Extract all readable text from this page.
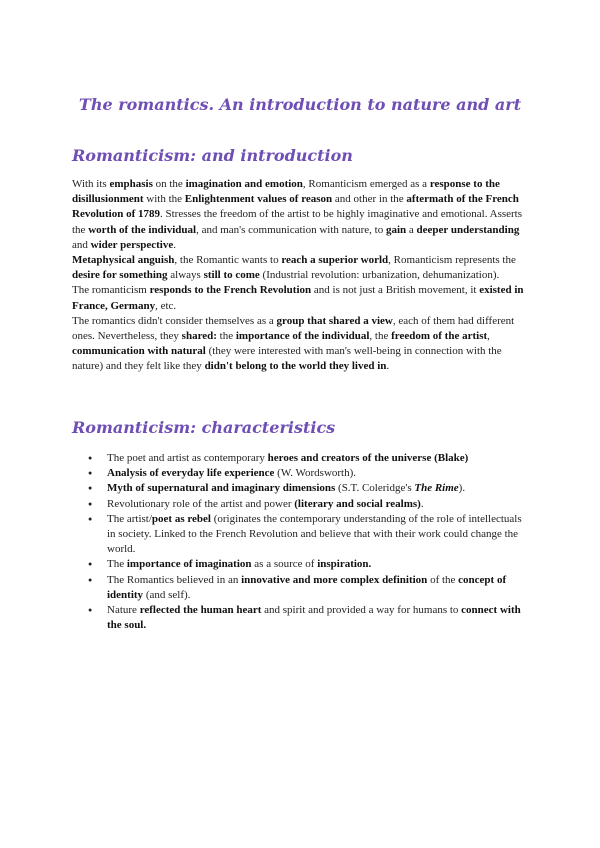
The romantics. An introduction to nature and art
Romanticism: and introduction

With its emphasis on the imagination and emotion, Romanticism emerged as a response to the disillusionment with the Enlightenment values of reason and other in the aftermath of the French Revolution of 1789. Stresses the freedom of the artist to be highly imaginative and emotional. Asserts the worth of the individual, and man's communication with nature, to gain a deeper understanding and wider perspective.

Metaphysical anguish, the Romantic wants to reach a superior world, Romanticism represents the desire for something always still to come (Industrial revolution: urbanization, dehumanization).

The romanticism responds to the French Revolution and is not just a British movement, it existed in France, Germany, etc.

The romantics didn't consider themselves as a group that shared a view, each of them had different ones. Nevertheless, they shared: the importance of the individual, the freedom of the artist, communication with natural (they were interested with man's well-being in connection with the nature) and they felt like they didn't belong to the world they lived in.

Romanticism: characteristics
● The poet and artist as contemporary heroes and creators of the universe (Blake)
● Analysis of everyday life experience (W. Wordsworth).
● Myth of supernatural and imaginary dimensions (S.T. Coleridge's The Rime).
● Revolutionary role of the artist and power (literary and social realms).
● The artist/poet as rebel (originates the contemporary understanding of the role of intellectuals in society. Linked to the French Revolution and believe that with their work could change the world.
● The importance of imagination as a source of inspiration.
● The Romantics believed in an innovative and more complex definition of the concept of identity (and self).
● Nature reflected the human heart and spirit and provided a way for humans to connect with the soul.
